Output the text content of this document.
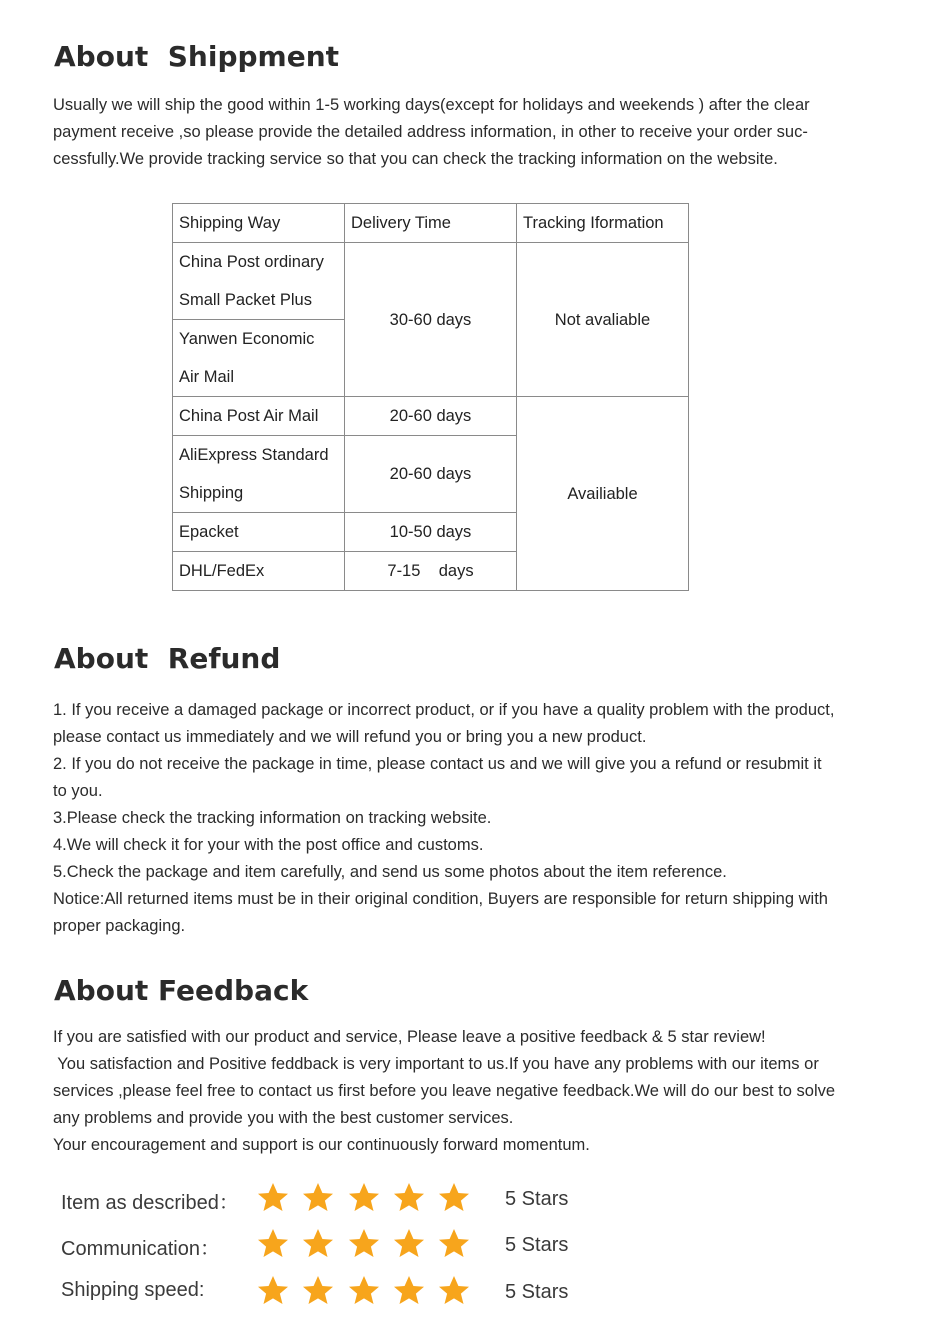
About  Shippment
Usually we will ship the good within 1-5 working days(except for holidays and weekends ) after the clear
payment receive ,so please provide the detailed address information, in other to receive your order suc-
cessfully.We provide tracking service so that you can check the tracking information on the website.
Shipping Way	Delivery Time	Tracking Iformation
China Post ordinary
Small Packet Plus	30-60 days	Not avaliable
Yanwen Economic
Air Mail		
China Post Air Mail	20-60 days	Availiable
AliExpress Standard
Shipping	20-60 days	
Epacket	10-50 days	
DHL/FedEx	7-15    days	
About  Refund
1. If you receive a damaged package or incorrect product, or if you have a quality problem with the product,
please contact us immediately and we will refund you or bring you a new product.
2. If you do not receive the package in time, please contact us and we will give you a refund or resubmit it
to you.
3.Please check the tracking information on tracking website.
4.We will check it for your with the post office and customs.
5.Check the package and item carefully, and send us some photos about the item reference.
Notice:All returned items must be in their original condition, Buyers are responsible for return shipping with
proper packaging.
About Feedback
If you are satisfied with our product and service, Please leave a positive feedback & 5 star review!
You satisfaction and Positive feddback is very important to us.If you have any problems with our items or
services ,please feel free to contact us first before you leave negative feedback.We will do our best to solve
any problems and provide you with the best customer services.
Your encouragement and support is our continuously forward momentum.
Item as described：	5 Stars
Communication：	5 Stars
Shipping speed:	5 Stars
